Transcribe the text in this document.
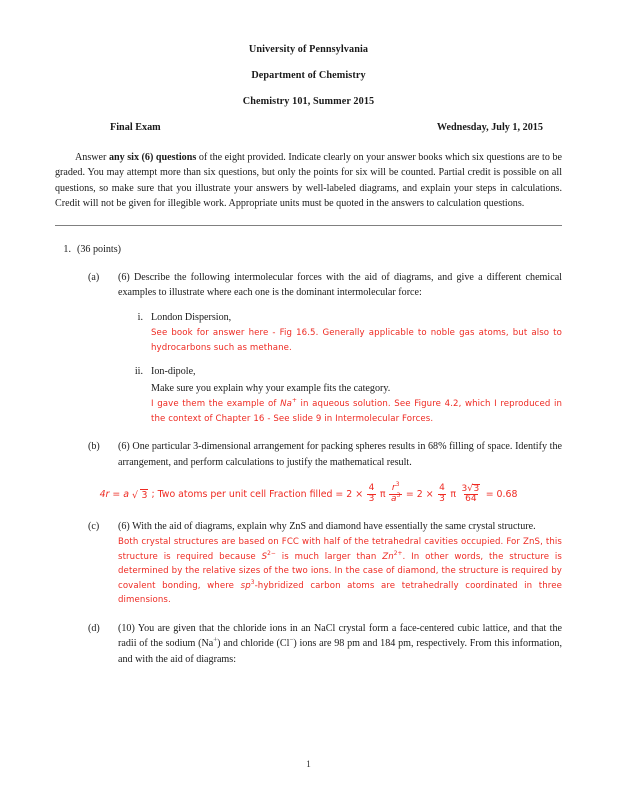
University of Pennsylvania
Department of Chemistry
Chemistry 101, Summer 2015
Final Exam	Wednesday, July 1, 2015

Answer any six (6) questions of the eight provided. Indicate clearly on your answer books which six questions are to be graded. You may attempt more than six questions, but only the points for six will be counted. Partial credit is possible on all questions, so make sure that you illustrate your answers by well-labeled diagrams, and explain your steps in calculations. Credit will not be given for illegible work. Appropriate units must be quoted in the answers to calculation questions.

1. (36 points)
(a)	(6) Describe the following intermolecular forces with the aid of diagrams, and give a different chemical examples to illustrate where each one is the dominant intermolecular force:
i. London Dispersion,
See book for answer here - Fig 16.5. Generally applicable to noble gas atoms, but also to hydrocarbons such as methane.
ii. Ion-dipole,
Make sure you explain why your example fits the category.
I gave them the example of Na+ in aqueous solution. See Figure 4.2, which I reproduced in the context of Chapter 16 - See slide 9 in Intermolecular Forces.
(b)	(6) One particular 3-dimensional arrangement for packing spheres results in 68% filling of space. Identify the arrangement, and perform calculations to justify the mathematical result.
4r = a √ 3 ; Two atoms per unit cell Fraction filled = $2 \times \frac{4}{3}$ π $\frac{r^3}{a^3} = 2 \times \frac{4}{3}$ π $\frac{3√3}{64} = 0.68$
(c)	(6) With the aid of diagrams, explain why ZnS and diamond have essentially the same crystal structure.
Both crystal structures are based on FCC with half of the tetrahedral cavities occupied. For ZnS, this structure is required because $S^{2-}$ is much larger than $Zn^{2+}$. In other words, the structure is determined by the relative sizes of the two ions. In the case of diamond, the structure is required by covalent bonding, where $sp^3$-hybridized carbon atoms are tetrahedrally coordinated in three dimensions.
(d)	(10) You are given that the chloride ions in an NaCl crystal form a face-centered cubic lattice, and that the radii of the sodium (Na+) and chloride (Cl−) ions are 98 pm and 184 pm, respectively. From this information, and with the aid of diagrams:
1
